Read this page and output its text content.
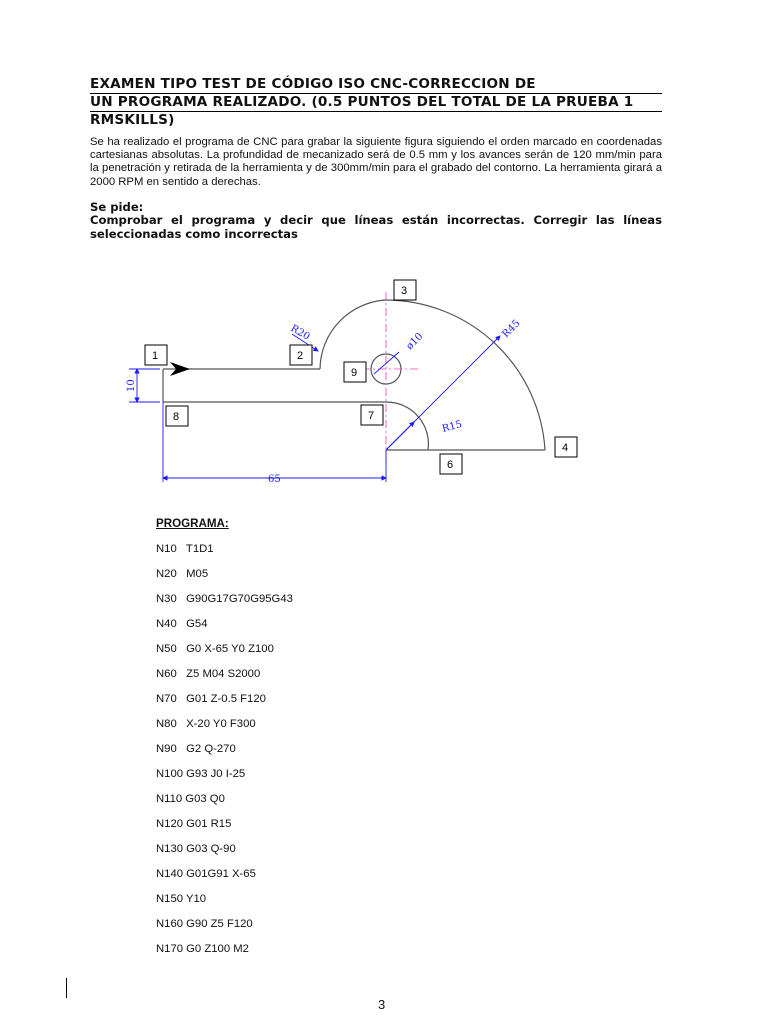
EXAMEN TIPO TEST DE CÓDIGO ISO CNC-CORRECCION DE
UN PROGRAMA REALIZADO. (0.5 PUNTOS DEL TOTAL DE LA PRUEBA 1
RMSKILLS)
Se ha realizado el programa de CNC para grabar la siguiente figura siguiendo el orden marcado en coordenadas cartesianas absolutas. La profundidad de mecanizado será de 0.5 mm y los avances serán de 120 mm/min para la penetración y retirada de la herramienta y de 300mm/min para el grabado del contorno. La herramienta girará a 2000 RPM en sentido a derechas.
Se pide:
Comprobar el programa y decir que líneas están incorrectas. Corregir las líneas seleccionadas como incorrectas
R20	R45
R15
ø10
10
65
1	2
3
4
6
7
8
9
PROGRAMA:
N10   T1D1
N20   M05
N30   G90G17G70G95G43
N40   G54
N50   G0 X-65 Y0 Z100
N60   Z5 M04 S2000
N70   G01 Z-0.5 F120
N80   X-20 Y0 F300
N90   G2 Q-270
N100 G93 J0 I-25
N110 G03 Q0
N120 G01 R15
N130 G03 Q-90
N140 G01G91 X-65
N150 Y10
N160 G90 Z5 F120
N170 G0 Z100 M2
3
